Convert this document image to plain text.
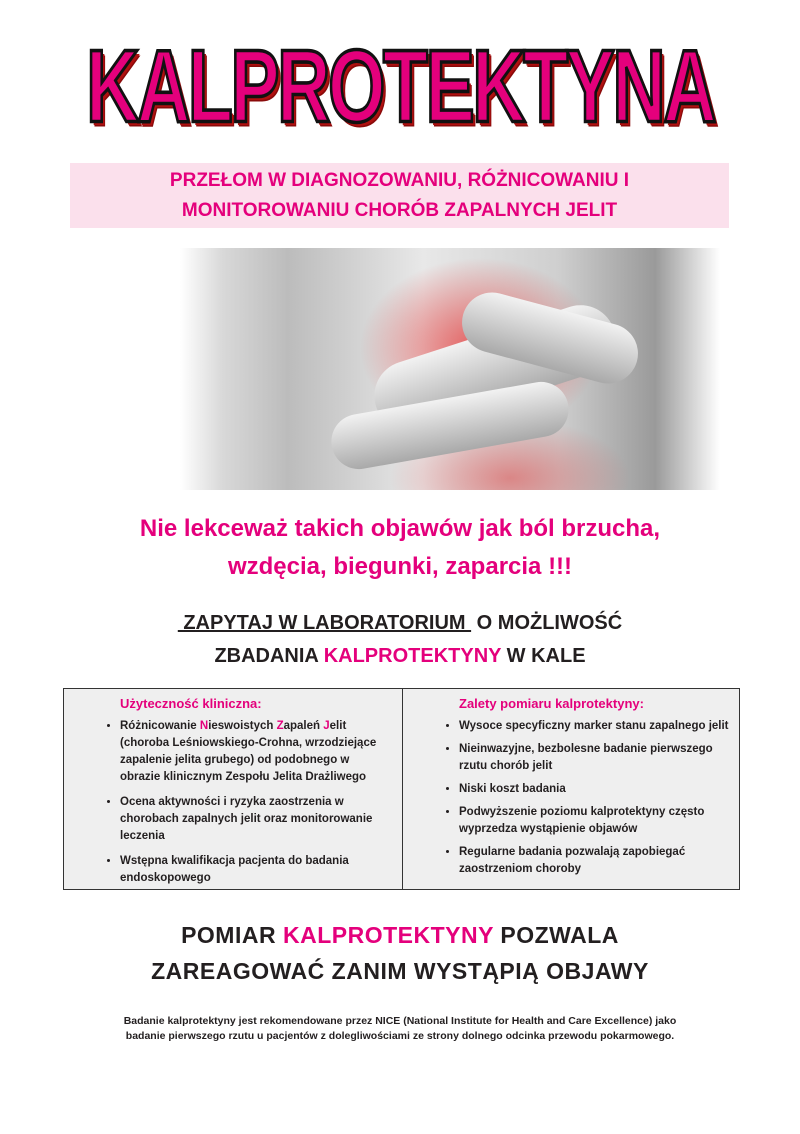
KALPROTEKTYNA
PRZEŁOM W DIAGNOZOWANIU, RÓŻNICOWANIU I
MONITOROWANIU CHORÓB ZAPALNYCH JELIT
Nie lekceważ takich objawów jak ból brzucha,
wzdęcia, biegunki, zaparcia !!!
ZAPYTAJ W LABORATORIUM  O MOŻLIWOŚĆ
ZBADANIA KALPROTEKTYNY W KALE
Użyteczność kliniczna:
• Różnicowanie Nieswoistych Zapaleń Jelit (choroba Leśniowskiego-Crohna, wrzodziejące zapalenie jelita grubego) od podobnego w obrazie klinicznym Zespołu Jelita Drażliwego
• Ocena aktywności i ryzyka zaostrzenia w chorobach zapalnych jelit oraz monitorowanie leczenia
• Wstępna kwalifikacja pacjenta do badania endoskopowego
Zalety pomiaru kalprotektyny:
• Wysoce specyficzny marker stanu zapalnego jelit
• Nieinwazyjne, bezbolesne badanie pierwszego rzutu chorób jelit
• Niski koszt badania
• Podwyższenie poziomu kalprotektyny często wyprzedza wystąpienie objawów
• Regularne badania pozwalają zapobiegać zaostrzeniom choroby
POMIAR KALPROTEKTYNY POZWALA
ZAREAGOWAĆ ZANIM WYSTĄPIĄ OBJAWY
Badanie kalprotektyny jest rekomendowane przez NICE (National Institute for Health and Care Excellence) jako
badanie pierwszego rzutu u pacjentów z dolegliwościami ze strony dolnego odcinka przewodu pokarmowego.
